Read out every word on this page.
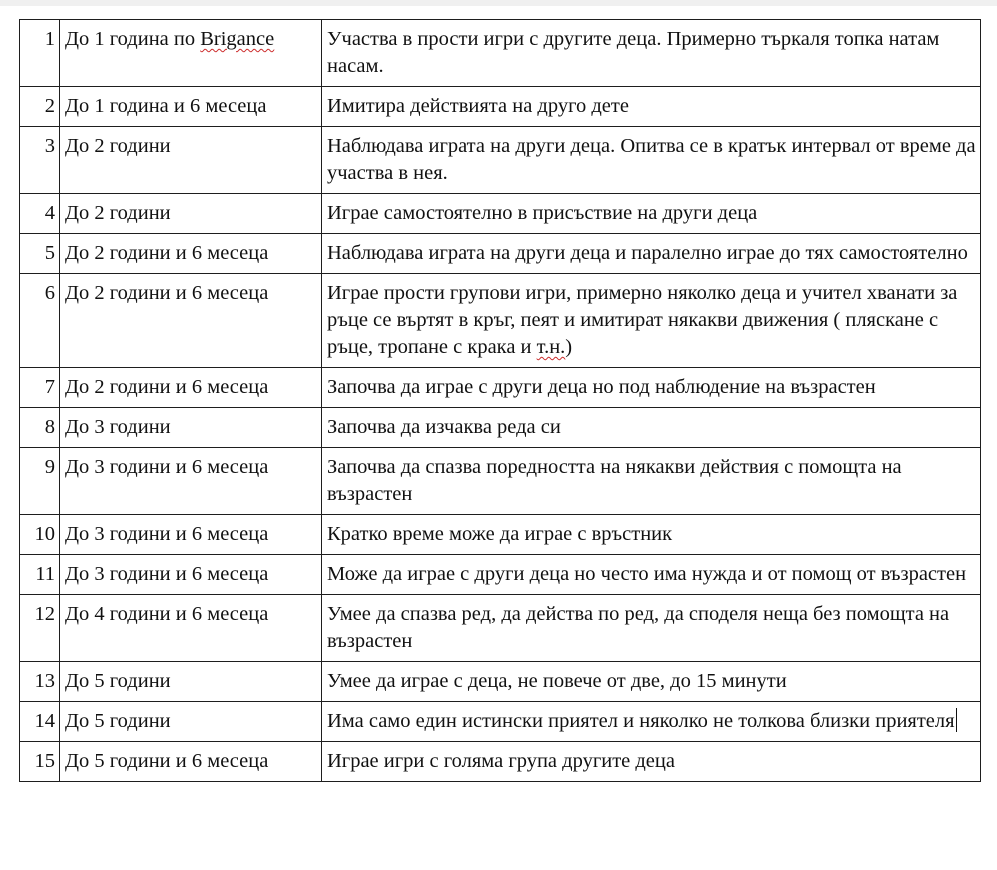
1	До 1 година по Brigance	Участва в прости игри с другите деца. Примерно търкаля топка натам насам.
2	До 1 година и 6 месеца	Имитира действията на друго дете
3	До 2 години	Наблюдава играта на други деца. Опитва се в кратък интервал от време да участва в нея.
4	До 2 години	Играе самостоятелно в присъствие на други деца
5	До 2 години и 6 месеца	Наблюдава играта на други деца и паралелно играе до тях самостоятелно
6	До 2 години и 6 месеца	Играе прости групови игри, примерно няколко деца и учител хванати за ръце се въртят в кръг, пеят и имитират някакви движения ( пляскане с ръце, тропане с крака и т.н.)
7	До 2 години и 6 месеца	Започва да играе с други деца но под наблюдение на възрастен
8	До 3 години	Започва да изчаква реда си
9	До 3 години и 6 месеца	Започва да спазва поредността на някакви действия с помощта на възрастен
10	До 3 години и 6 месеца	Кратко време може да играе с връстник
11	До 3 години и 6 месеца	Може да играе с други деца но често има нужда и от помощ от възрастен
12	До 4 години и 6 месеца	Умее да спазва ред, да действа по ред, да споделя неща без помощта на възрастен
13	До 5 години	Умее да играе с деца, не повече от две, до 15 минути
14	До 5 години	Има само един истински приятел и няколко не толкова близки приятеля
15	До 5 години и 6 месеца	Играе игри с голяма група другите деца
